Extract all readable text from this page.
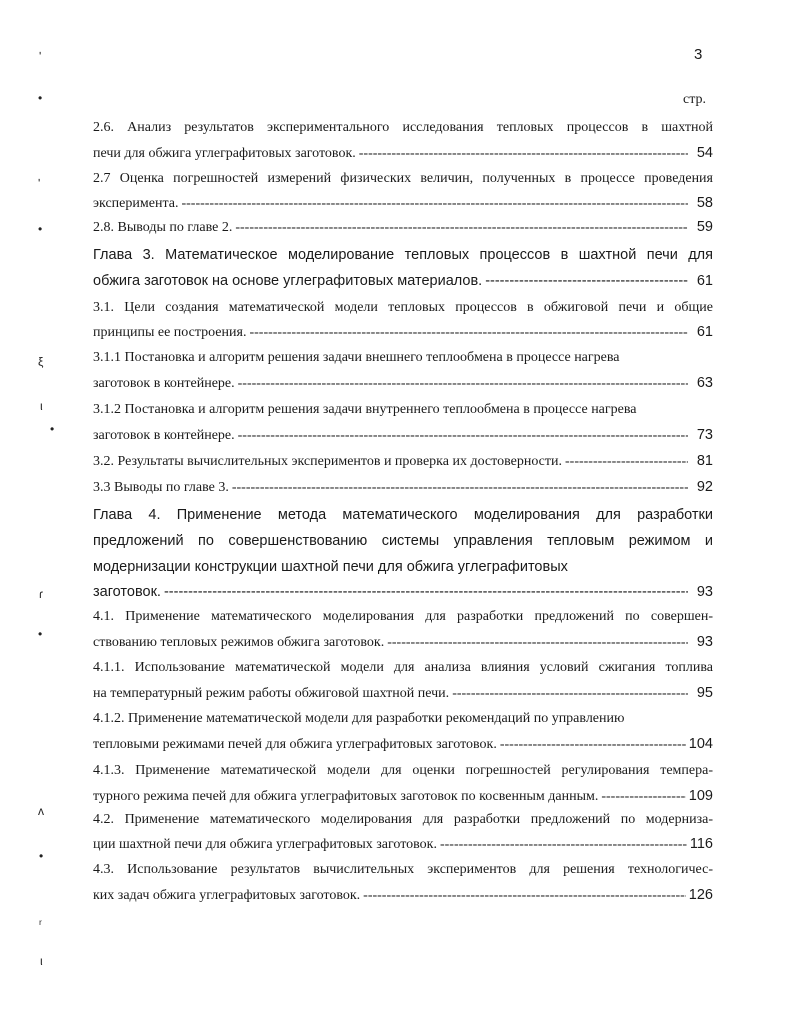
3
стр.
ʹ
•
ʹ
•
ξ
ι
•
ɾ
•
ʌ
•
ʳ
ι
2.6. Анализ результатов экспериментального исследования тепловых процессов в шахтной
печи для обжига углеграфитовых заготовок. -----	54
2.7 Оценка погрешностей измерений физических величин, полученных в процессе проведения
эксперимента. -----	58
2.8. Выводы по главе 2. -----	59
Глава 3. Математическое моделирование тепловых процессов в шахтной печи для
обжига заготовок на основе углеграфитовых материалов. -----	61
3.1. Цели создания математической модели тепловых процессов в обжиговой печи и общие
принципы ее построения. -----	61
3.1.1 Постановка и алгоритм решения задачи внешнего теплообмена в процессе нагрева
заготовок в контейнере. -----	63
3.1.2 Постановка и алгоритм решения задачи внутреннего теплообмена в процессе нагрева
заготовок в контейнере. -----	73
3.2. Результаты вычислительных экспериментов и проверка их достоверности. -----	81
3.3 Выводы по главе 3. -----	92
Глава 4. Применение метода математического моделирования для разработки
предложений по совершенствованию системы управления тепловым режимом и
модернизации конструкции шахтной печи для обжига углеграфитовых
заготовок. -----	93
4.1. Применение математического моделирования для разработки предложений по совершен-
ствованию тепловых режимов обжига заготовок. -----	93
4.1.1. Использование математической модели для анализа влияния условий сжигания топлива
на температурный режим работы обжиговой шахтной печи. -----	95
4.1.2. Применение математической модели для разработки рекомендаций по управлению
тепловыми режимами печей для обжига углеграфитовых заготовок. -----	104
4.1.3. Применение математической модели для оценки погрешностей регулирования темпера-
турного режима печей для обжига углеграфитовых заготовок по косвенным данным. -----	109
4.2. Применение математического моделирования для разработки предложений по модерниза-
ции шахтной печи для обжига углеграфитовых заготовок. -----	116
4.3. Использование результатов вычислительных экспериментов для решения технологичес-
ких задач обжига углеграфитовых заготовок. -----	126
